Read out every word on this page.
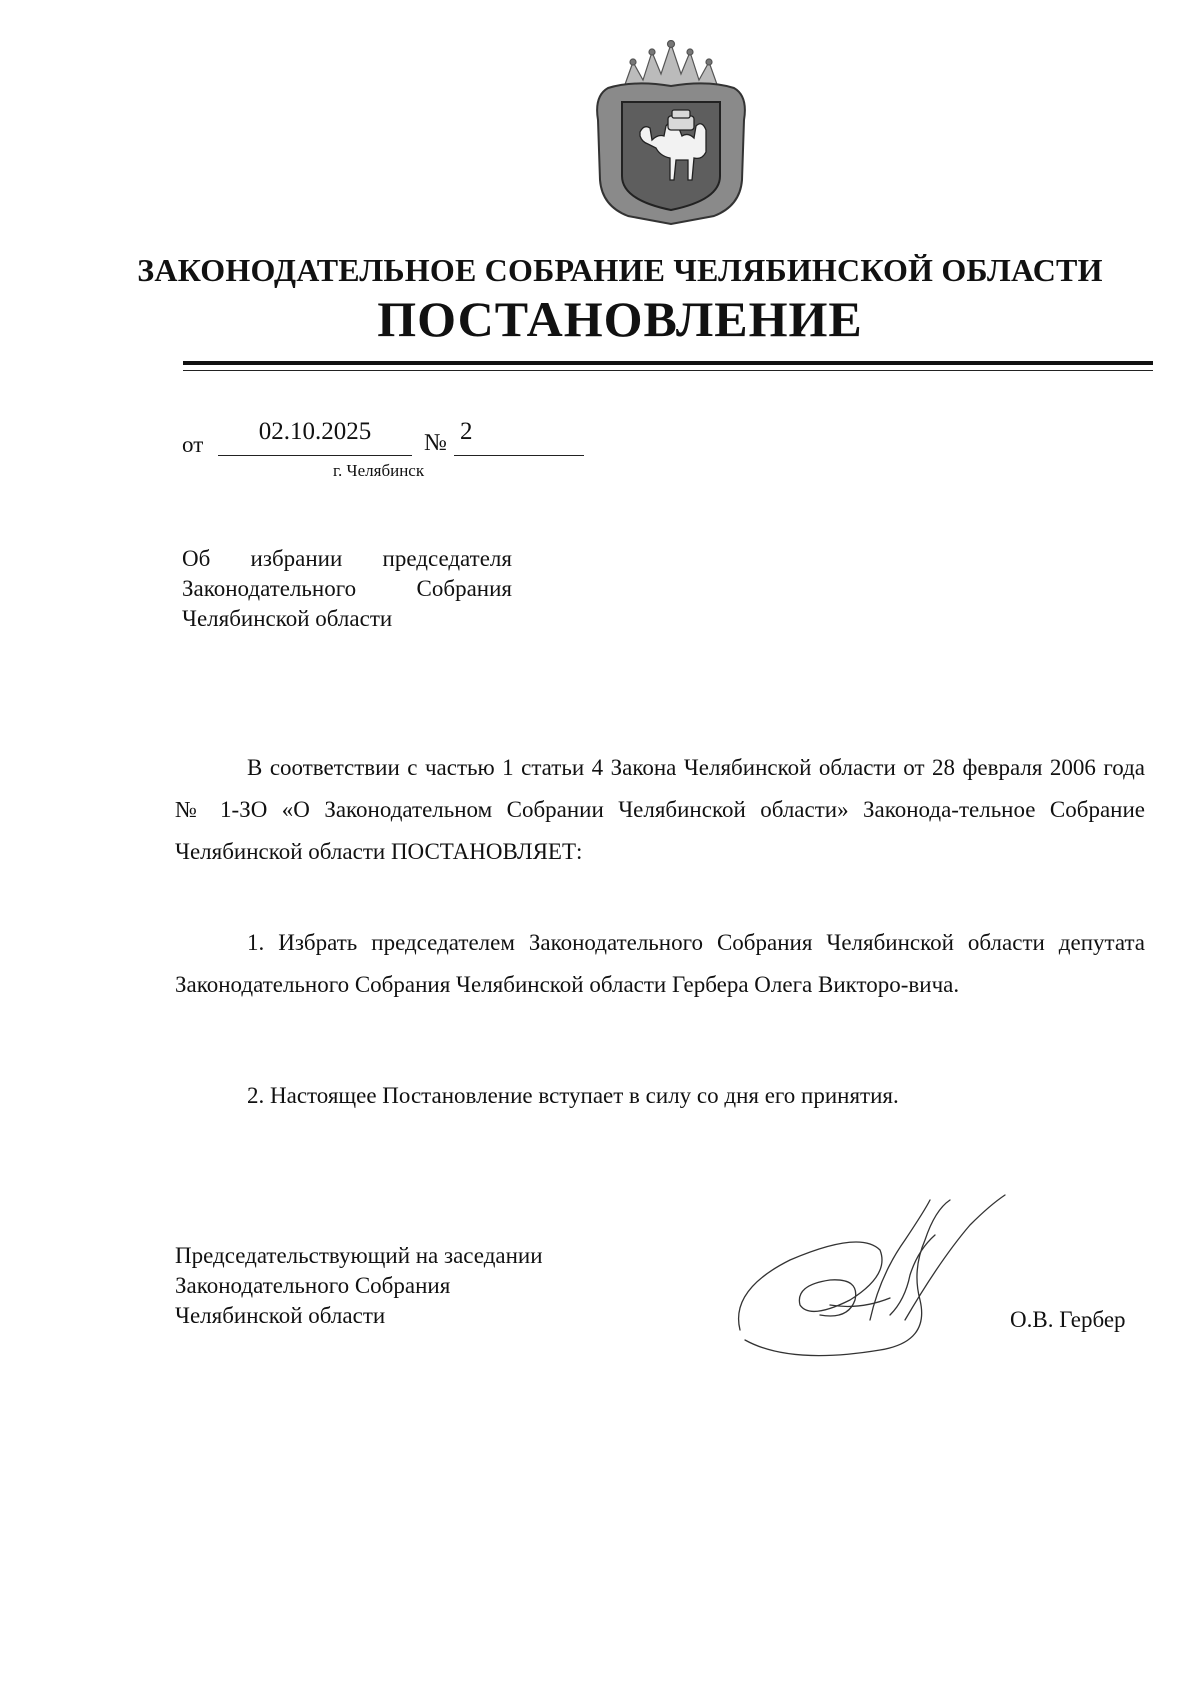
ЗАКОНОДАТЕЛЬНОЕ СОБРАНИЕ ЧЕЛЯБИНСКОЙ ОБЛАСТИ
ПОСТАНОВЛЕНИЕ
от	02.10.2025	№ 2
г. Челябинск
Об избрании председателя
Законодательного Собрания
Челябинской области

В соответствии с частью 1 статьи 4 Закона Челябинской области от 28 февраля 2006 года № 1-ЗО «О Законодательном Собрании Челябинской области» Законода-тельное Собрание Челябинской области ПОСТАНОВЛЯЕТ:

1. Избрать председателем Законодательного Собрания Челябинской области депутата Законодательного Собрания Челябинской области Гербера Олега Викторо-вича.

2. Настоящее Постановление вступает в силу со дня его принятия.

Председательствующий на заседании
Законодательного Собрания
Челябинской области	О.В. Гербер
